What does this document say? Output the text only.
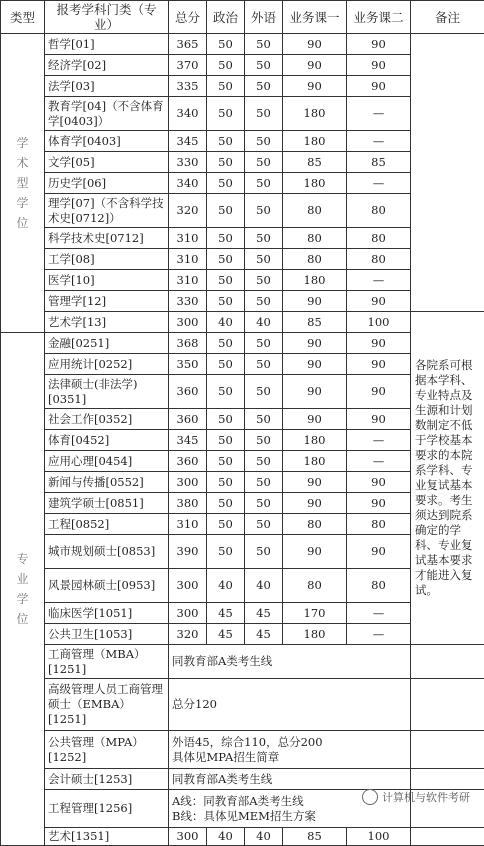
类型	报考学科门类（专业）	总分	政治	外语	业务课一	业务课二	备注
学
术
型
学
位	哲学[01]	365	50	50	90	90	
	经济学[02]	370	50	50	90	90	
	法学[03]	335	50	50	90	90	
	教育学[04]（不含体育学[0403]）	340	50	50	180	—	
	体育学[0403]	345	50	50	180	—	
	文学[05]	330	50	50	85	85	
	历史学[06]	340	50	50	180	—	
	理学[07]（不含科学技术史[0712]）	320	50	50	80	80	
	科学技术史[0712]	310	50	50	80	80	
	工学[08]	310	50	50	80	80	
	医学[10]	310	50	50	180	—	
	管理学[12]	330	50	50	90	90	
	艺术学[13]	300	40	40	85	100	各院系可根据本学科、专业特点及生源和计划数制定不低于学校基本要求的本院系学科、专业复试基本要求。考生须达到院系确定的学科、专业复试基本要求才能进入复试。
专
业
学
位	金融[0251]	368	50	50	90	90	
	应用统计[0252]	350	50	50	90	90	
	法律硕士(非法学)[0351]	360	50	50	90	90	
	社会工作[0352]	360	50	50	90	90	
	体育[0452]	345	50	50	180	—	
	应用心理[0454]	360	50	50	180	—	
	新闻与传播[0552]	300	50	50	90	90	
	建筑学硕士[0851]	380	50	50	90	90	
	工程[0852]	310	50	50	80	80	
	城市规划硕士[0853]	390	50	50	90	90	
	风景园林硕士[0953]	300	40	40	80	80	
	临床医学[1051]	300	45	45	170	—	
	公共卫生[1053]	320	45	45	180	—	
	工商管理（MBA）[1251]	同教育部A类考生线					
	高级管理人员工商管理硕士（EMBA）[1251]	总分120					
	公共管理（MPA）[1252]	外语45，综合110，总分200
具体见MPA招生简章					
	会计硕士[1253]	同教育部A类考生线					
	工程管理[1256]	A线：同教育部A类考生线
B线：具体见MEM招生方案					
	艺术[1351]	300	40	40	85	100	
计算机与软件考研
